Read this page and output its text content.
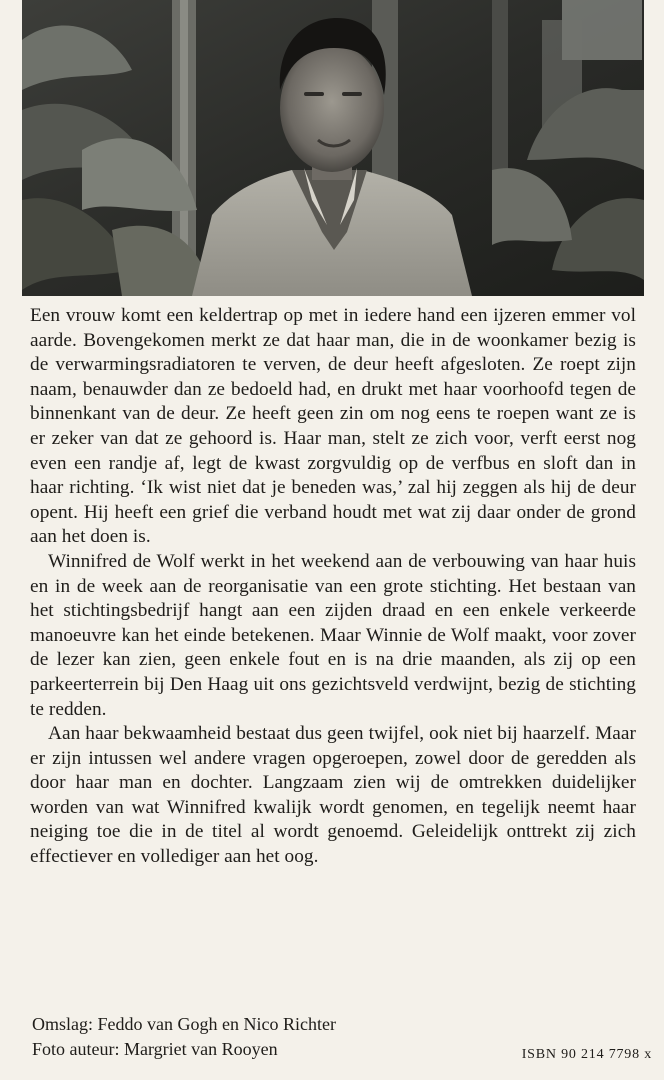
Een vrouw komt een keldertrap op met in iedere hand een ijzeren emmer vol aarde. Bovengekomen merkt ze dat haar man, die in de woonkamer bezig is de verwarmingsradiatoren te verven, de deur heeft afgesloten. Ze roept zijn naam, benauwder dan ze bedoeld had, en drukt met haar voorhoofd tegen de binnenkant van de deur. Ze heeft geen zin om nog eens te roepen want ze is er zeker van dat ze gehoord is. Haar man, stelt ze zich voor, verft eerst nog even een randje af, legt de kwast zorgvuldig op de verfbus en sloft dan in haar richting. ‘Ik wist niet dat je beneden was,’ zal hij zeggen als hij de deur opent. Hij heeft een grief die verband houdt met wat zij daar onder de grond aan het doen is.

Winnifred de Wolf werkt in het weekend aan de verbouwing van haar huis en in de week aan de reorganisatie van een grote stichting. Het bestaan van het stichtingsbedrijf hangt aan een zijden draad en een enkele verkeerde manoeuvre kan het einde betekenen. Maar Winnie de Wolf maakt, voor zover de lezer kan zien, geen enkele fout en is na drie maanden, als zij op een parkeerterrein bij Den Haag uit ons gezichtsveld verdwijnt, bezig de stichting te redden.

Aan haar bekwaamheid bestaat dus geen twijfel, ook niet bij haarzelf. Maar er zijn intussen wel andere vragen opgeroepen, zowel door de geredden als door haar man en dochter. Langzaam zien wij de omtrekken duidelijker worden van wat Winnifred kwalijk wordt genomen, en tegelijk neemt haar neiging toe die in de titel al wordt genoemd. Geleidelijk onttrekt zij zich effectiever en vollediger aan het oog.

Omslag: Feddo van Gogh en Nico Richter
Foto auteur: Margriet van Rooyen	ISBN 90 214 7798 x
